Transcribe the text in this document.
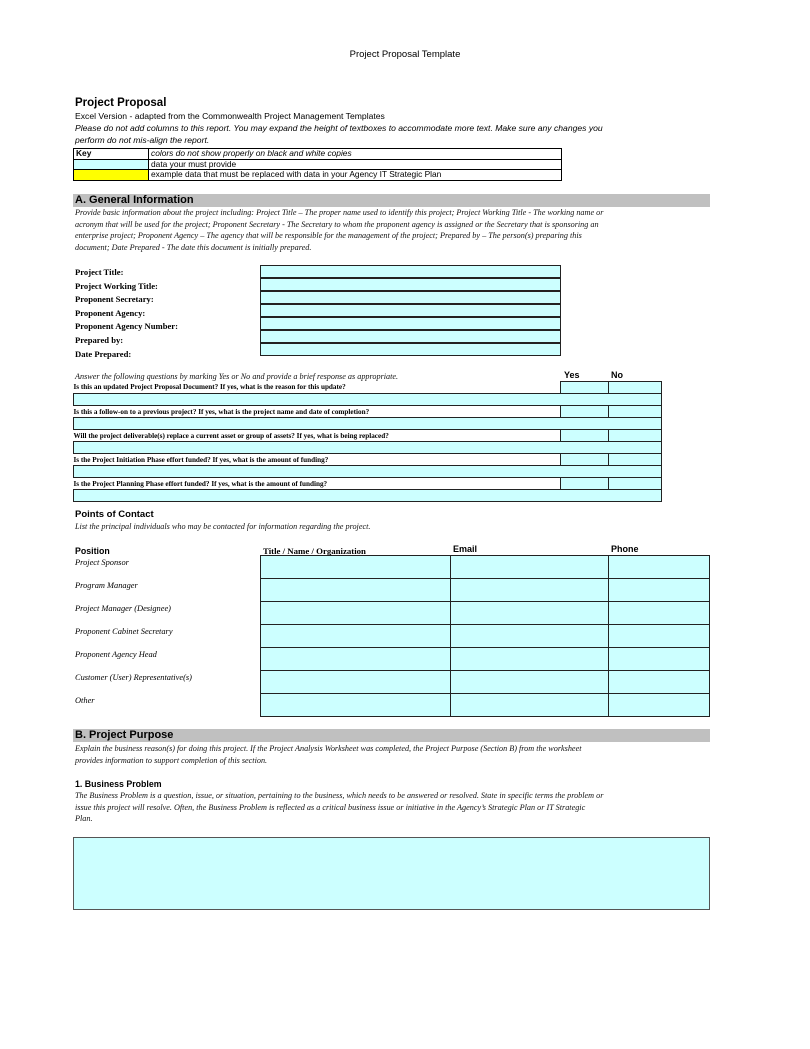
Project Proposal Template
Project Proposal
Excel Version - adapted from the Commonwealth Project Management Templates
Please do not add columns to this report. You may expand the height of textboxes to accommodate more text. Make sure any changes you
perform do not mis-align the report.
Key	colors do not show properly on black and white copies
	data your must provide
	example data that must be replaced with data in your Agency IT Strategic Plan
A. General Information
Provide basic information about the project including: Project Title – The proper name used to identify this project; Project Working Title - The working name or
acronym that will be used for the project; Proponent Secretary - The Secretary to whom the proponent agency is assigned or the Secretary that is sponsoring an
enterprise project; Proponent Agency – The agency that will be responsible for the management of the project; Prepared by – The person(s) preparing this
document; Date Prepared - The date this document is initially prepared.
Project Title:
Project Working Title:
Proponent Secretary:
Proponent Agency:
Proponent Agency Number:
Prepared by:
Date Prepared:
Answer the following questions by marking Yes or No and provide a brief response as appropriate.	Yes	No
Is this an updated Project Proposal Document? If yes, what is the reason for this update?		

Is this a follow-on to a previous project? If yes, what is the project name and date of completion?		

Will the project deliverable(s) replace a current asset or group of assets? If yes, what is being replaced?		

Is the Project Initiation Phase effort funded? If yes, what is the amount of funding?		

Is the Project Planning Phase effort funded? If yes, what is the amount of funding?		

Points of Contact
List the principal individuals who may be contacted for information regarding the project.
Position	Title / Name / Organization	Email	Phone
Project Sponsor
Program Manager
Project Manager (Designee)
Proponent Cabinet Secretary
Proponent Agency Head
Customer (User) Representative(s)
Other

B. Project Purpose
Explain the business reason(s) for doing this project. If the Project Analysis Worksheet was completed, the Project Purpose (Section B) from the worksheet
provides information to support completion of this section.
1. Business Problem
The Business Problem is a question, issue, or situation, pertaining to the business, which needs to be answered or resolved. State in specific terms the problem or
issue this project will resolve. Often, the Business Problem is reflected as a critical business issue or initiative in the Agency’s Strategic Plan or IT Strategic
Plan.
